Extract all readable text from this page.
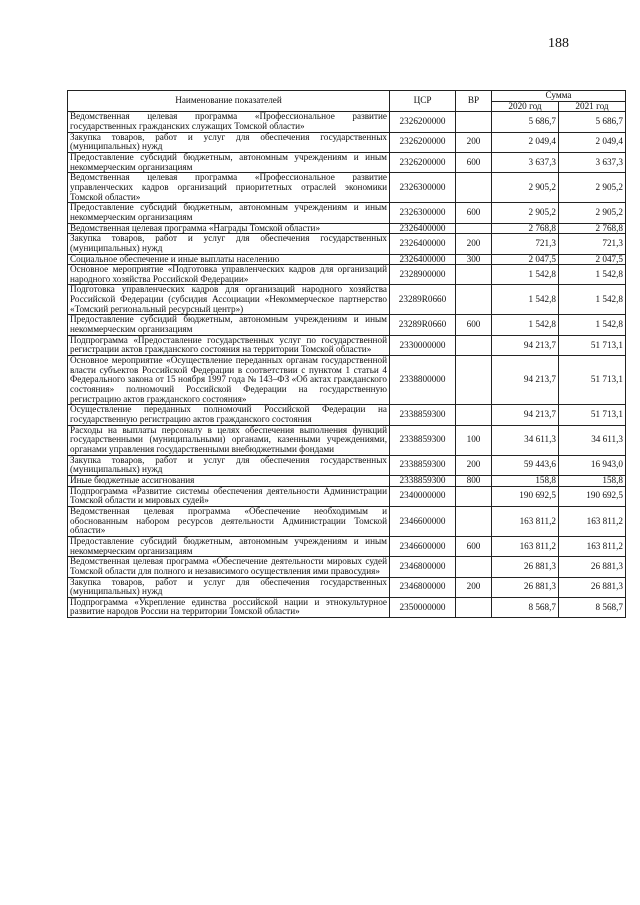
188
Наименование показателей	ЦСР	ВР	Сумма	
			2020 год	2021 год
Ведомственная целевая программа «Профессиональное развитие государственных гражданских служащих Томской области»	2326200000		5 686,7	5 686,7
Закупка товаров, работ и услуг для обеспечения государственных (муниципальных) нужд	2326200000	200	2 049,4	2 049,4
Предоставление субсидий бюджетным, автономным учреждениям и иным некоммерческим организациям	2326200000	600	3 637,3	3 637,3
Ведомственная целевая программа «Профессиональное развитие управленческих кадров организаций приоритетных отраслей экономики Томской области»	2326300000		2 905,2	2 905,2
Предоставление субсидий бюджетным, автономным учреждениям и иным некоммерческим организациям	2326300000	600	2 905,2	2 905,2
Ведомственная целевая программа «Награды Томской области»	2326400000		2 768,8	2 768,8
Закупка товаров, работ и услуг для обеспечения государственных (муниципальных) нужд	2326400000	200	721,3	721,3
Социальное обеспечение и иные выплаты населению	2326400000	300	2 047,5	2 047,5
Основное мероприятие «Подготовка управленческих кадров для организаций народного хозяйства Российской Федерации»	2328900000		1 542,8	1 542,8
Подготовка управленческих кадров для организаций народного хозяйства Российской Федерации (субсидия Ассоциации «Некоммерческое партнерство «Томский региональный ресурсный центр»)	23289R0660		1 542,8	1 542,8
Предоставление субсидий бюджетным, автономным учреждениям и иным некоммерческим организациям	23289R0660	600	1 542,8	1 542,8
Подпрограмма «Предоставление государственных услуг по государственной регистрации актов гражданского состояния на территории Томской области»	2330000000		94 213,7	51 713,1
Основное мероприятие «Осуществление переданных органам государственной власти субъектов Российской Федерации в соответствии с пунктом 1 статьи 4 Федерального закона от 15 ноября 1997 года № 143–ФЗ «Об актах гражданского состояния» полномочий Российской Федерации на государственную регистрацию актов гражданского состояния»	2338800000		94 213,7	51 713,1
Осуществление переданных полномочий Российской Федерации на государственную регистрацию актов гражданского состояния	2338859300		94 213,7	51 713,1
Расходы на выплаты персоналу в целях обеспечения выполнения функций государственными (муниципальными) органами, казенными учреждениями, органами управления государственными внебюджетными фондами	2338859300	100	34 611,3	34 611,3
Закупка товаров, работ и услуг для обеспечения государственных (муниципальных) нужд	2338859300	200	59 443,6	16 943,0
Иные бюджетные ассигнования	2338859300	800	158,8	158,8
Подпрограмма «Развитие системы обеспечения деятельности Администрации Томской области и мировых судей»	2340000000		190 692,5	190 692,5
Ведомственная целевая программа «Обеспечение необходимым и обоснованным набором ресурсов деятельности Администрации Томской области»	2346600000		163 811,2	163 811,2
Предоставление субсидий бюджетным, автономным учреждениям и иным некоммерческим организациям	2346600000	600	163 811,2	163 811,2
Ведомственная целевая программа «Обеспечение деятельности мировых судей Томской области для полного и независимого осуществления ими правосудия»	2346800000		26 881,3	26 881,3
Закупка товаров, работ и услуг для обеспечения государственных (муниципальных) нужд	2346800000	200	26 881,3	26 881,3
Подпрограмма «Укрепление единства российской нации и этнокультурное развитие народов России на территории Томской области»	2350000000		8 568,7	8 568,7
